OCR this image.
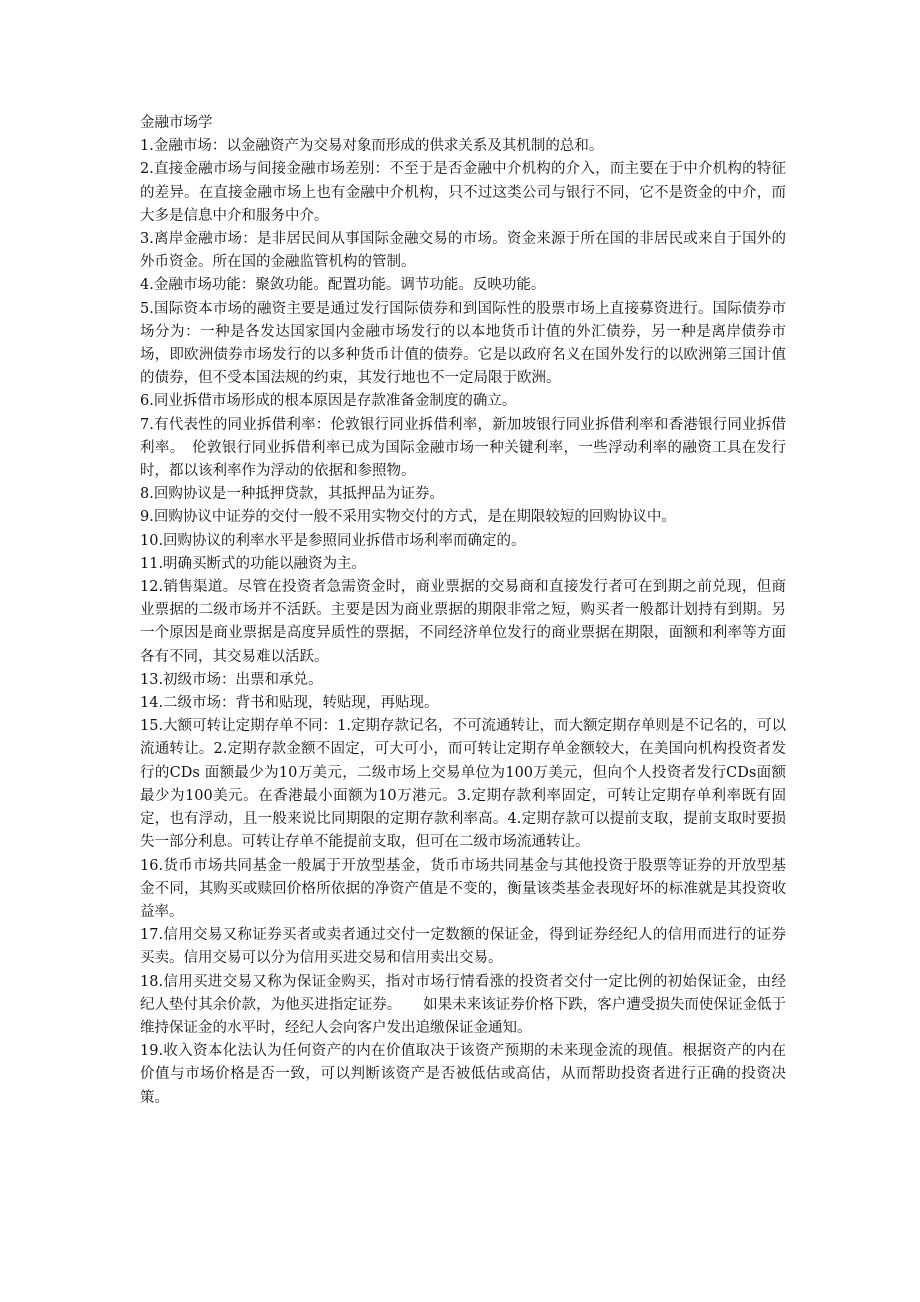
金融市场学

1.金融市场：以金融资产为交易对象而形成的供求关系及其机制的总和。

2.直接金融市场与间接金融市场差别：不至于是否金融中介机构的介入，而主要在于中介机构的特征的差异。在直接金融市场上也有金融中介机构，只不过这类公司与银行不同，它不是资金的中介，而大多是信息中介和服务中介。

3.离岸金融市场：是非居民间从事国际金融交易的市场。资金来源于所在国的非居民或来自于国外的外币资金。所在国的金融监管机构的管制。

4.金融市场功能：聚敛功能。配置功能。调节功能。反映功能。

5.国际资本市场的融资主要是通过发行国际债券和到国际性的股票市场上直接募资进行。国际债券市场分为：一种是各发达国家国内金融市场发行的以本地货币计值的外汇债券，另一种是离岸债券市场，即欧洲债券市场发行的以多种货币计值的债券。它是以政府名义在国外发行的以欧洲第三国计值的债券，但不受本国法规的约束，其发行地也不一定局限于欧洲。

6.同业拆借市场形成的根本原因是存款准备金制度的确立。

7.有代表性的同业拆借利率：伦敦银行同业拆借利率，新加坡银行同业拆借利率和香港银行同业拆借利率。　伦敦银行同业拆借利率已成为国际金融市场一种关键利率，一些浮动利率的融资工具在发行时，都以该利率作为浮动的依据和参照物。

8.回购协议是一种抵押贷款，其抵押品为证券。

9.回购协议中证券的交付一般不采用实物交付的方式，是在期限较短的回购协议中。

10.回购协议的利率水平是参照同业拆借市场利率而确定的。

11.明确买断式的功能以融资为主。

12.销售渠道。尽管在投资者急需资金时，商业票据的交易商和直接发行者可在到期之前兑现，但商业票据的二级市场并不活跃。主要是因为商业票据的期限非常之短，购买者一般都计划持有到期。另一个原因是商业票据是高度异质性的票据，不同经济单位发行的商业票据在期限，面额和利率等方面各有不同，其交易难以活跃。

13.初级市场：出票和承兑。

14.二级市场：背书和贴现，转贴现，再贴现。

15.大额可转让定期存单不同：1.定期存款记名，不可流通转让，而大额定期存单则是不记名的，可以流通转让。2.定期存款金额不固定，可大可小，而可转让定期存单金额较大，在美国向机构投资者发行的CDs 面额最少为10万美元，二级市场上交易单位为100万美元，但向个人投资者发行CDs面额最少为100美元。在香港最小面额为10万港元。3.定期存款利率固定，可转让定期存单利率既有固定，也有浮动，且一般来说比同期限的定期存款利率高。4.定期存款可以提前支取，提前支取时要损失一部分利息。可转让存单不能提前支取，但可在二级市场流通转让。

16.货币市场共同基金一般属于开放型基金，货币市场共同基金与其他投资于股票等证券的开放型基金不同，其购买或赎回价格所依据的净资产值是不变的，衡量该类基金表现好坏的标准就是其投资收益率。

17.信用交易又称证券买者或卖者通过交付一定数额的保证金，得到证券经纪人的信用而进行的证券买卖。信用交易可以分为信用买进交易和信用卖出交易。

18.信用买进交易又称为保证金购买，指对市场行情看涨的投资者交付一定比例的初始保证金，由经纪人垫付其余价款，为他买进指定证券。　　如果未来该证券价格下跌，客户遭受损失而使保证金低于维持保证金的水平时，经纪人会向客户发出追缴保证金通知。

19.收入资本化法认为任何资产的内在价值取决于该资产预期的未来现金流的现值。根据资产的内在价值与市场价格是否一致，可以判断该资产是否被低估或高估，从而帮助投资者进行正确的投资决策。
